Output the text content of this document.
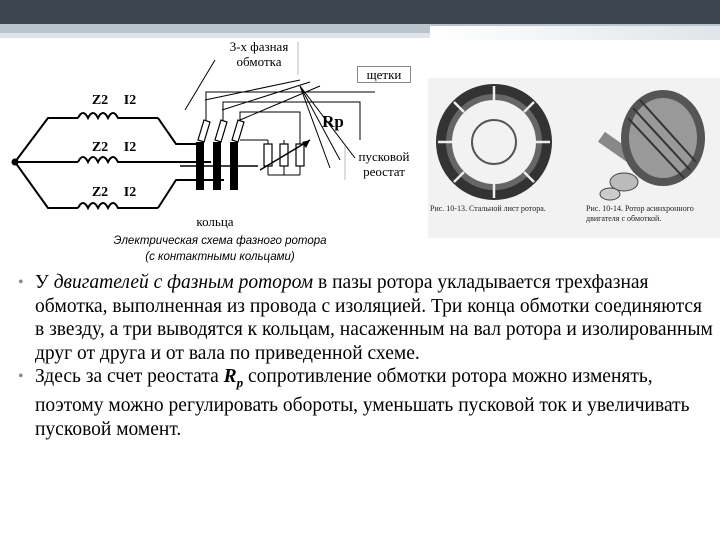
3-х фазная обмотка
щетки
пусковой реостат
кольца
Rр
Z2
Z2
Z2
I2
I2
I2
Электрическая схема фазного ротора
(с контактными кольцами)
Рис. 10-13. Стальной лист ротора.	Рис. 10-14. Ротор асинхронного двигателя с обмоткой.
• У двигателей с фазным ротором в пазы ротора укладывается трехфазная обмотка, выполненная из провода с изоляцией. Три конца обмотки соединяются в звезду, а три выводятся к кольцам, насаженным на вал ротора и изолированным друг от друга и от вала по приведенной схеме.
• Здесь за счет реостата $R_p$ сопротивление обмотки ротора можно изменять, поэтому можно регулировать обороты, уменьшать пусковой ток и увеличивать пусковой момент.
